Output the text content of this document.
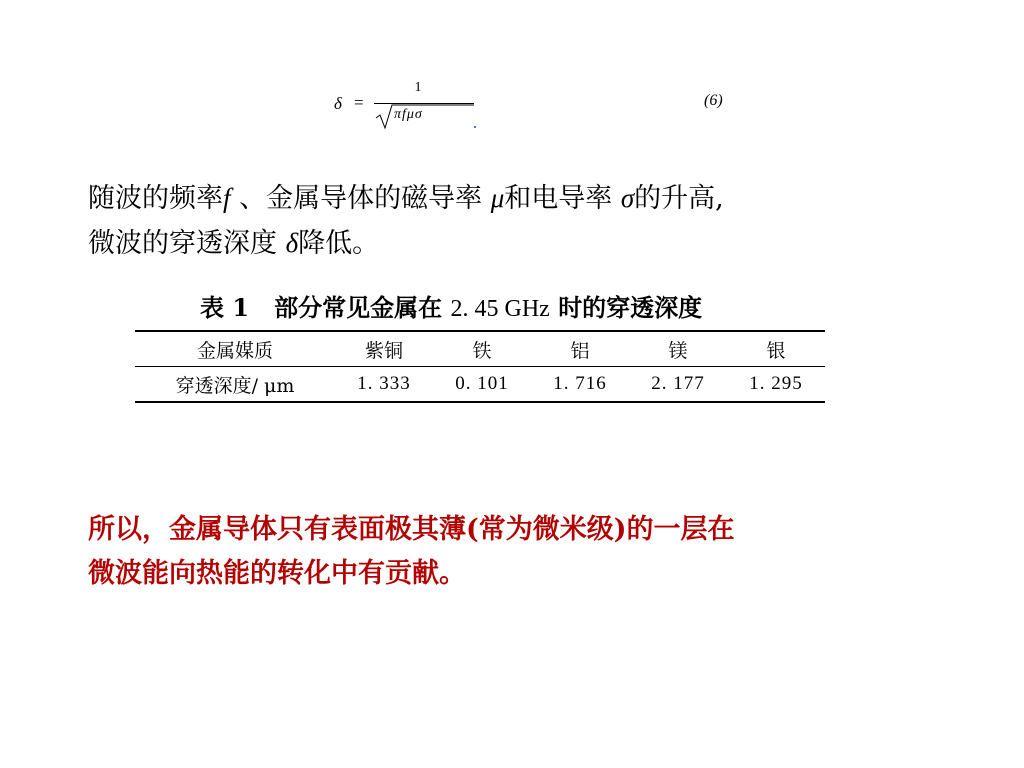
δ =
1
πfμσ
(6)

随波的频率f 、金属导体的磁导率 μ和电导率 σ的升高,
微波的穿透深度 δ降低。

表 1 部分常见金属在 2. 45 GHz 时的穿透深度
金属媒质	紫铜	铁	铝	镁	银
穿透深度/ μm	1. 333	0. 101	1. 716	2. 177	1. 295

所以，金属导体只有表面极其薄(常为微米级)的一层在
微波能向热能的转化中有贡献。
